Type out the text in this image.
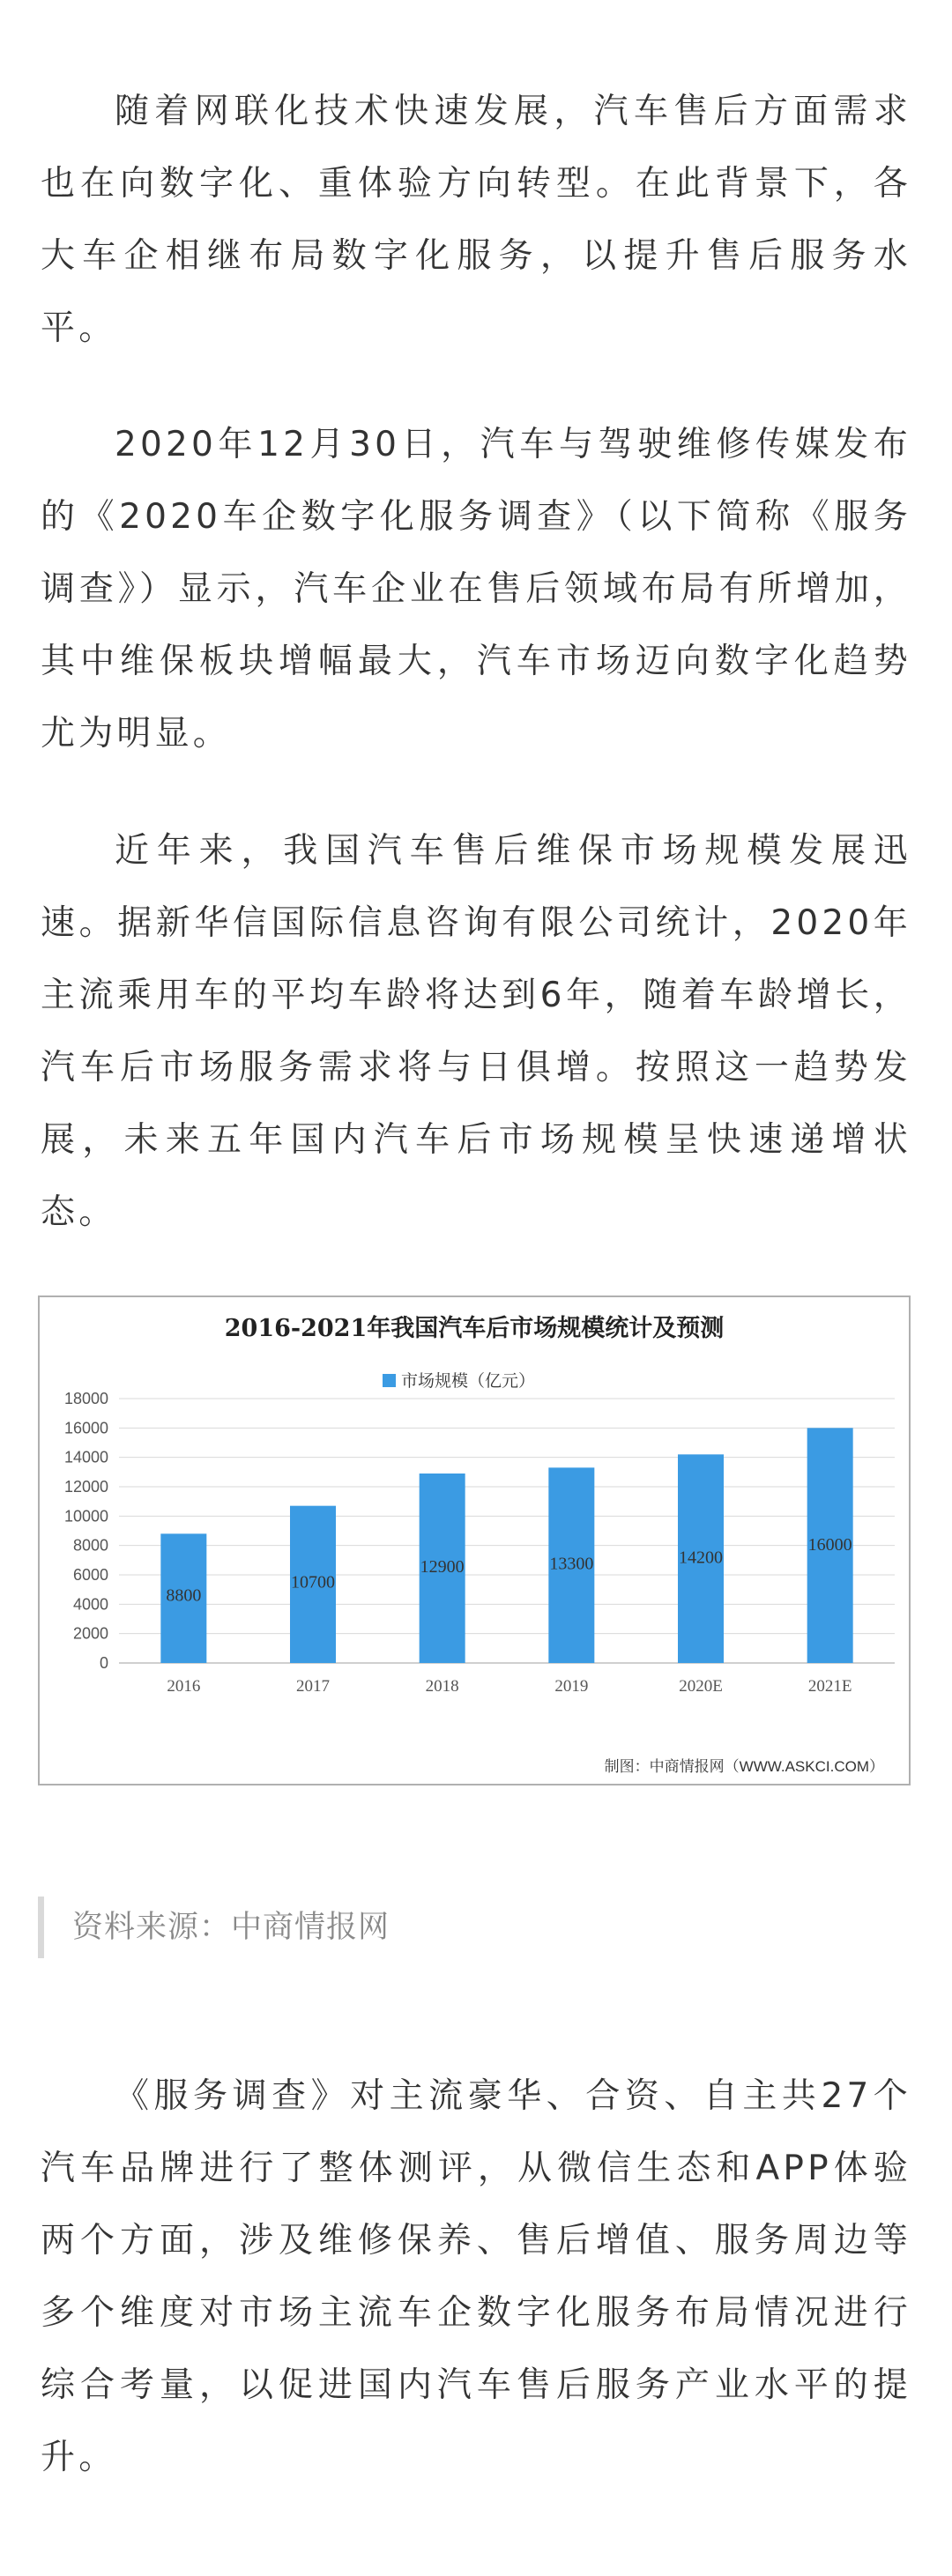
随着网联化技术快速发展，汽车售后方面需求也在向数字化、重体验方向转型。在此背景下，各大车企相继布局数字化服务，以提升售后服务水平。

2020年12月30日，汽车与驾驶维修传媒发布的《2020车企数字化服务调查》（以下简称《服务调查》）显示，汽车企业在售后领域布局有所增加，其中维保板块增幅最大，汽车市场迈向数字化趋势尤为明显。

近年来，我国汽车售后维保市场规模发展迅速。据新华信国际信息咨询有限公司统计，2020年主流乘用车的平均车龄将达到6年，随着车龄增长，汽车后市场服务需求将与日俱增。按照这一趋势发展，未来五年国内汽车后市场规模呈快速递增状态。

2016-2021年我国汽车后市场规模统计及预测
市场规模（亿元）
0
2000
4000
6000
8000
10000
12000
14000
16000
18000
8800
10700
12900	13300	14200
16000
2016	2017	2018	2019	2020E	2021E
制图：中商情报网（WWW.ASKCI.COM）
资料来源：中商情报网

《服务调查》对主流豪华、合资、自主共27个汽车品牌进行了整体测评，从微信生态和APP体验两个方面，涉及维修保养、售后增值、服务周边等多个维度对市场主流车企数字化服务布局情况进行综合考量，以促进国内汽车售后服务产业水平的提升。
